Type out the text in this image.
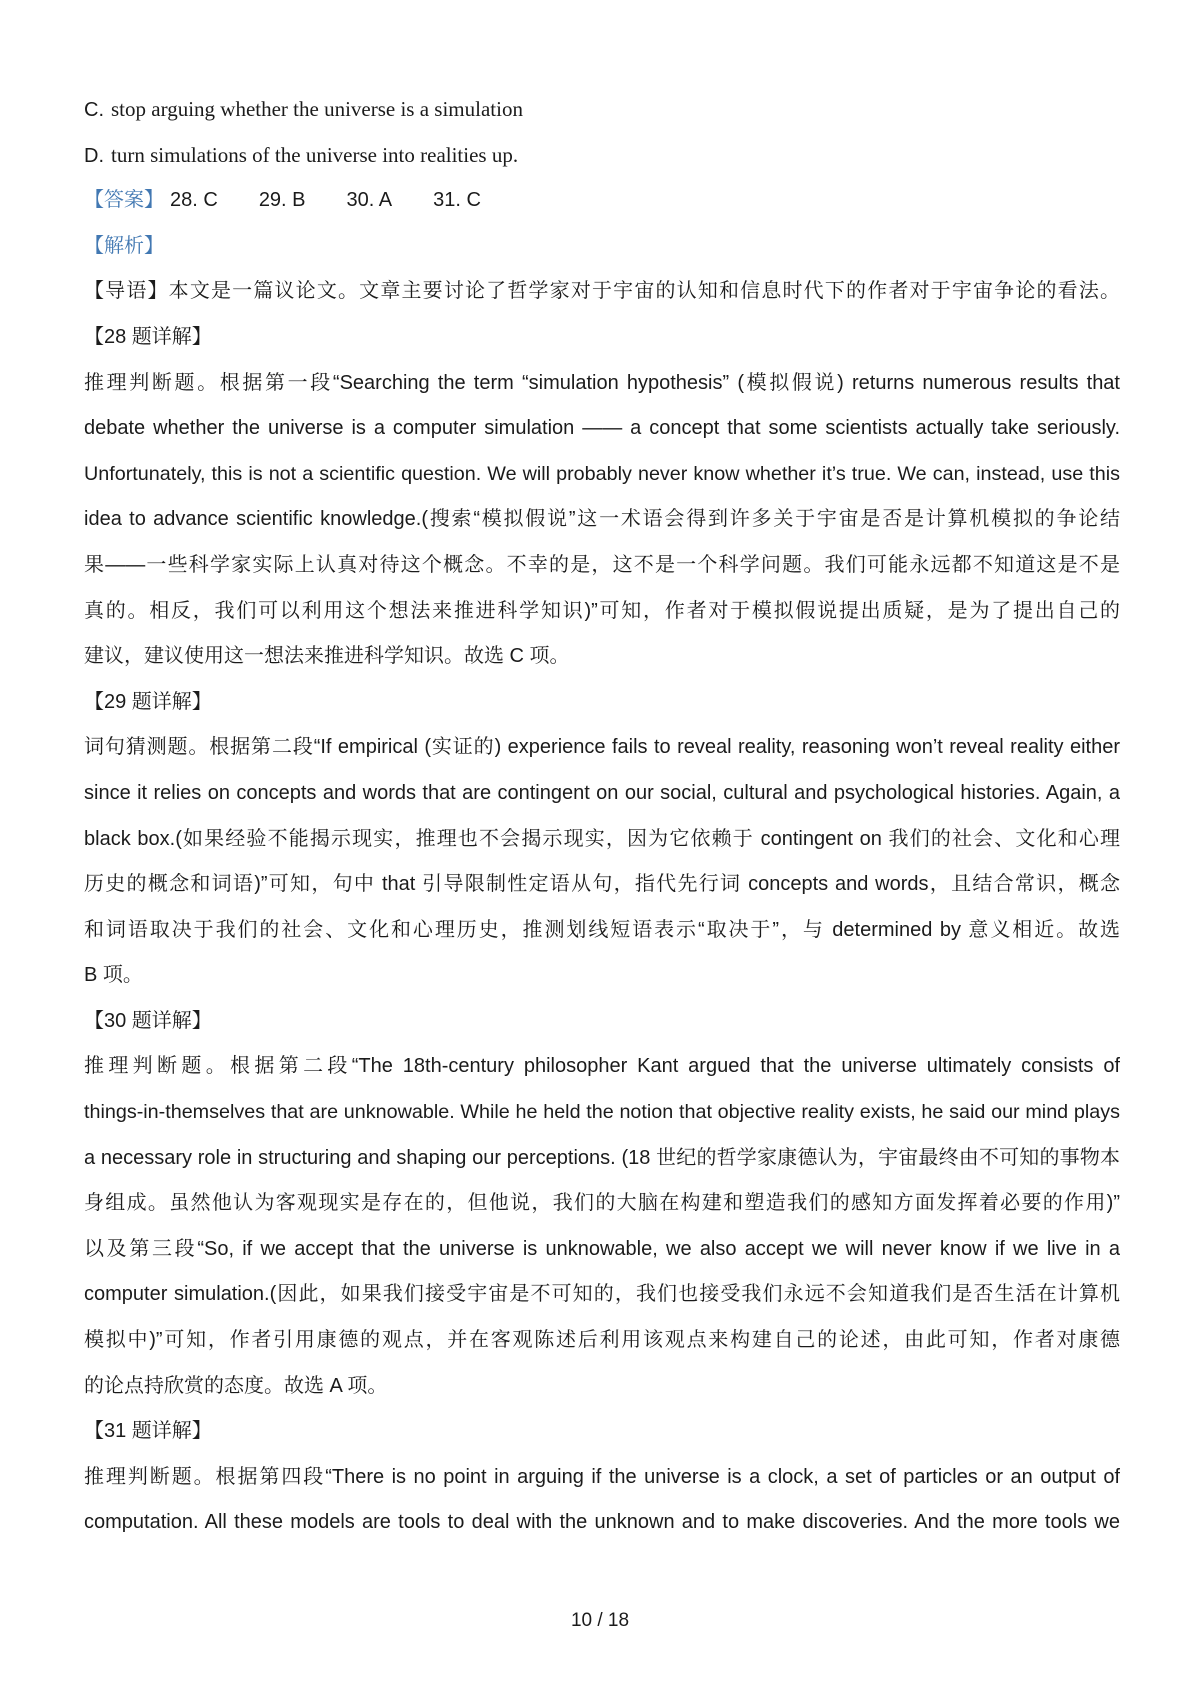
C. stop arguing whether the universe is a simulation
D. turn simulations of the universe into realities up.
【答案】 28. C 29. B 30. A 31. C
【解析】
【导语】本文是一篇议论文。文章主要讨论了哲学家对于宇宙的认知和信息时代下的作者对于宇宙争论的看法。
【28 题详解】
推理判断题。根据第一段“Searching the term “simulation hypothesis” (模拟假说) returns numerous results that
debate whether the universe is a computer simulation —— a concept that some scientists actually take seriously.
Unfortunately, this is not a scientific question. We will probably never know whether it’s true. We can, instead, use this
idea to advance scientific knowledge.(搜索“模拟假说”这一术语会得到许多关于宇宙是否是计算机模拟的争论结
果——一些科学家实际上认真对待这个概念。不幸的是，这不是一个科学问题。我们可能永远都不知道这是不是
真的。相反，我们可以利用这个想法来推进科学知识)”可知，作者对于模拟假说提出质疑，是为了提出自己的
建议，建议使用这一想法来推进科学知识。故选 C 项。
【29 题详解】
词句猜测题。根据第二段“If empirical (实证的) experience fails to reveal reality, reasoning won’t reveal reality either
since it relies on concepts and words that are contingent on our social, cultural and psychological histories. Again, a
black box.(如果经验不能揭示现实，推理也不会揭示现实，因为它依赖于 contingent on 我们的社会、文化和心理
历史的概念和词语)”可知，句中 that 引导限制性定语从句，指代先行词 concepts and words，且结合常识，概念
和词语取决于我们的社会、文化和心理历史，推测划线短语表示“取决于”，与 determined by 意义相近。故选
B 项。
【30 题详解】
推理判断题。根据第二段“The 18th-century philosopher Kant argued that the universe ultimately consists of
things-in-themselves that are unknowable. While he held the notion that objective reality exists, he said our mind plays
a necessary role in structuring and shaping our perceptions. (18 世纪的哲学家康德认为，宇宙最终由不可知的事物本
身组成。虽然他认为客观现实是存在的，但他说，我们的大脑在构建和塑造我们的感知方面发挥着必要的作用)”
以及第三段“So, if we accept that the universe is unknowable, we also accept we will never know if we live in a
computer simulation.(因此，如果我们接受宇宙是不可知的，我们也接受我们永远不会知道我们是否生活在计算机
模拟中)”可知，作者引用康德的观点，并在客观陈述后利用该观点来构建自己的论述，由此可知，作者对康德
的论点持欣赏的态度。故选 A 项。
【31 题详解】
推理判断题。根据第四段“There is no point in arguing if the universe is a clock, a set of particles or an output of
computation. All these models are tools to deal with the unknown and to make discoveries. And the more tools we
10 / 18
